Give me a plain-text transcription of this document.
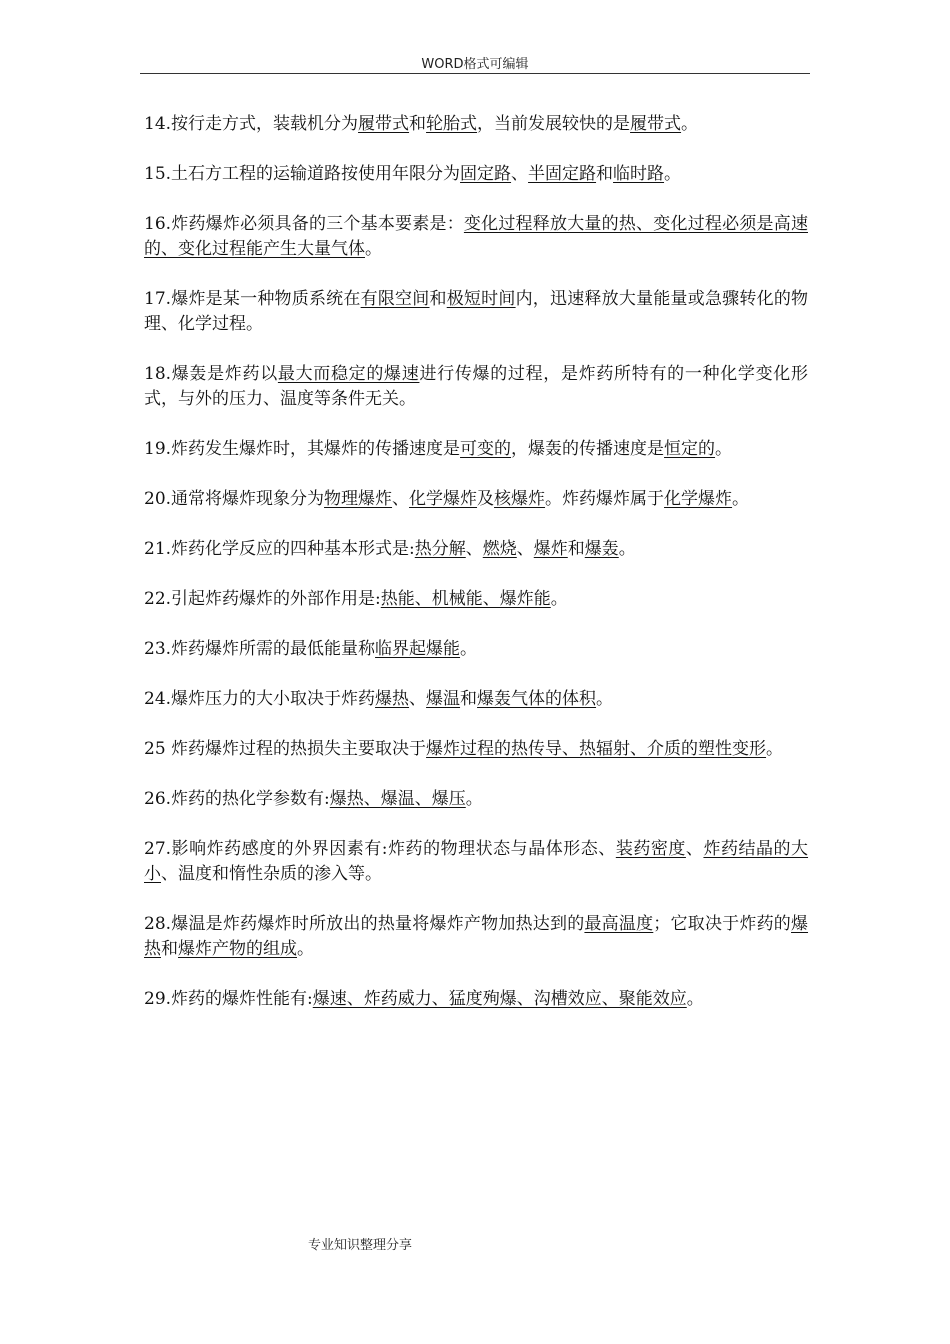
WORD格式可编辑

14.按行走方式，装载机分为履带式和轮胎式，当前发展较快的是履带式。

15.土石方工程的运输道路按使用年限分为固定路、半固定路和临时路。

16.炸药爆炸必须具备的三个基本要素是：变化过程释放大量的热、变化过程必须是高速的、变化过程能产生大量气体。

17.爆炸是某一种物质系统在有限空间和极短时间内，迅速释放大量能量或急骤转化的物理、化学过程。

18.爆轰是炸药以最大而稳定的爆速进行传爆的过程，是炸药所特有的一种化学变化形式，与外的压力、温度等条件无关。

19.炸药发生爆炸时，其爆炸的传播速度是可变的，爆轰的传播速度是恒定的。

20.通常将爆炸现象分为物理爆炸、化学爆炸及核爆炸。炸药爆炸属于化学爆炸。

21.炸药化学反应的四种基本形式是:热分解、燃烧、爆炸和爆轰。

22.引起炸药爆炸的外部作用是:热能、机械能、爆炸能。

23.炸药爆炸所需的最低能量称临界起爆能。

24.爆炸压力的大小取决于炸药爆热、爆温和爆轰气体的体积。

25 炸药爆炸过程的热损失主要取决于爆炸过程的热传导、热辐射、介质的塑性变形。

26.炸药的热化学参数有:爆热、爆温、爆压。

27.影响炸药感度的外界因素有:炸药的物理状态与晶体形态、装药密度、炸药结晶的大小、温度和惰性杂质的渗入等。

28.爆温是炸药爆炸时所放出的热量将爆炸产物加热达到的最高温度；它取决于炸药的爆热和爆炸产物的组成。

29.炸药的爆炸性能有:爆速、炸药威力、猛度殉爆、沟槽效应、聚能效应。

专业知识整理分享
